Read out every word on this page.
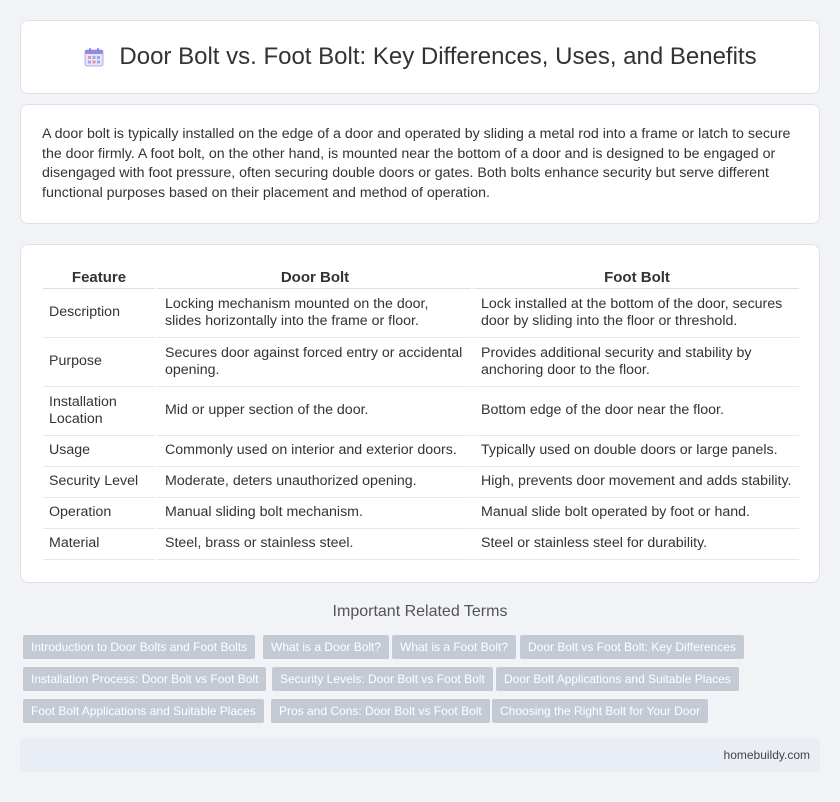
Door Bolt vs. Foot Bolt: Key Differences, Uses, and Benefits

A door bolt is typically installed on the edge of a door and operated by sliding a metal rod into a frame or latch to secure the door firmly. A foot bolt, on the other hand, is mounted near the bottom of a door and is designed to be engaged or disengaged with foot pressure, often securing double doors or gates. Both bolts enhance security but serve different functional purposes based on their placement and method of operation.

Feature	Door Bolt	Foot Bolt
Description	Locking mechanism mounted on the door, slides horizontally into the frame or floor.	Lock installed at the bottom of the door, secures door by sliding into the floor or threshold.
Purpose	Secures door against forced entry or accidental opening.	Provides additional security and stability by anchoring door to the floor.
Installation Location	Mid or upper section of the door.	Bottom edge of the door near the floor.
Usage	Commonly used on interior and exterior doors.	Typically used on double doors or large panels.
Security Level	Moderate, deters unauthorized opening.	High, prevents door movement and adds stability.
Operation	Manual sliding bolt mechanism.	Manual slide bolt operated by foot or hand.
Material	Steel, brass or stainless steel.	Steel or stainless steel for durability.
Important Related Terms
Introduction to Door Bolts and Foot Bolts	What is a Door Bolt?	What is a Foot Bolt?	Door Bolt vs Foot Bolt: Key Differences
Installation Process: Door Bolt vs Foot Bolt	Security Levels: Door Bolt vs Foot Bolt	Door Bolt Applications and Suitable Places
Foot Bolt Applications and Suitable Places	Pros and Cons: Door Bolt vs Foot Bolt	Choosing the Right Bolt for Your Door
homebuildy.com
